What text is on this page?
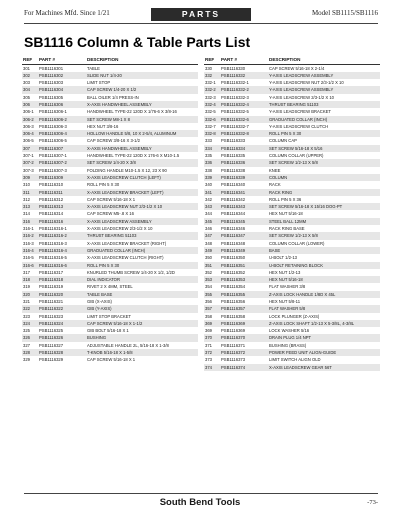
For Machines Mfd. Since 1/21	PARTS	Model SB1115/SB1116
SB1116 Column & Table Parts List
REF	PART #	DESCRIPTION
301	PSB1116301	TABLE
302	PSB1116302	SLIDE NUT 1/4-20
303	PSB1116303	LIMIT STOP
304	PSB1116304	CAP SCREW 1/4-20 X 1/2
305	PSB1116305	BALL OILER 1/4 PRESS-IN
306	PSB1116306	X-AXIS HANDWHEEL ASSEMBLY
306-1	PSB1116306-1	HANDWHEEL TYPE-22 120D X 1/76-6 X 3/8-16
306-2	PSB1116306-2	SET SCREW M8-1 X 8
306-3	PSB1116306-3	HEX NUT 3/8-16
306-4	PSB1116306-4	HOLLOW HANDLE 5/8, 10 X 2-5/4, ALUMINUM
306-5	PSB1116306-5	CAP SCREW 3/8-16 X 3-1/2
307	PSB1116307	X-AXIS HANDWHEEL ASSEMBLY
307-1	PSB1116307-1	HANDWHEEL TYPE-22 120D X 176-6 X M10-1.5
307-2	PSB1116307-2	SET SCREW 1/4-20 X 3/8
307-3	PSB1116307-3	FOLDING HANDLE M10-1.5 X 12, 23 X 90
309	PSB1116309	X-AXIS LEADSCREW CLUTCH (LEFT)
310	PSB1116310	ROLL PIN 5 X 30
311	PSB1116311	X-AXIS LEADSCREW BRACKET (LEFT)
312	PSB1116312	CAP SCREW 5/16-18 X 1
313	PSB1116313	X-AXIS LEADSCREW NUT 2/3-1/2 X 10
314	PSB1116314	CAP SCREW M5-.8 X 16
316	PSB1116316	X-AXIS LEADSCREW ASSEMBLY
316-1	PSB1116316-1	X-AXIS LEADSCREW 2/3-1/2 X 10
316-2	PSB1116316-2	THRUST BEARING 51103
316-3	PSB1116316-3	X-AXIS LEADSCREW BRACKET (RIGHT)
316-4	PSB1116316-4	GRADUATED COLLAR (INCH)
316-5	PSB1116316-5	X-AXIS LEADSCREW CLUTCH (RIGHT)
316-6	PSB1116316-6	ROLL PIN 5 X 30
317	PSB1116317	KNURLED THUMB SCREW 1/4-20 X 1/2, 1/2D
318	PSB1116318	DIAL INDICATOR
319	PSB1116319	RIVET 2 X 4MM, STEEL
320	PSB1116320	TABLE BASE
321	PSB1116321	GIB (X-AXIS)
322	PSB1116322	GIB (Y-AXIS)
323	PSB1116323	LIMIT STOP BRACKET
324	PSB1116324	CAP SCREW 5/16-18 X 1-1/2
325	PSB1116325	GIB BOLT 5/16-18 X 1
326	PSB1116326	BUSHING
327	PSB1116327	ADJUSTABLE HANDLE 2L, 5/16-18 X 1-3/8
328	PSB1116328	T-KNOB 5/16-18 X 1-5/8
329	PSB1116329	CAP SCREW 5/16-18 X 1
REF	PART #	DESCRIPTION
330	PSB1116330	CAP SCREW 5/16-18 X 2-1/4
332	PSB1116332	Y-AXIS LEADSCREW ASSEMBLY
332-1	PSB1116332-1	Y-AXIS LEADSCREW NUT 2/3-1/2 X 10
332-2	PSB1116332-2	Y-AXIS LEADSCREW ASSEMBLY
332-3	PSB1116332-3	Y-AXIS LEADSCREW 2/3-1/2 X 10
332-4	PSB1116332-4	THRUST BEARING 51103
332-5	PSB1116332-5	Y-AXIS LEADSCREW BRACKET
332-6	PSB1116332-6	GRADUATED COLLAR (INCH)
332-7	PSB1116332-7	Y-AXIS LEADSCREW CLUTCH
332-8	PSB1116332-8	ROLL PIN 5 X 30
333	PSB1116333	COLUMN CAP
334	PSB1116334	SET SCREW 5/16-18 X 5/16
335	PSB1116335	COLUMN COLLAR (UPPER)
336	PSB1116336	SET SCREW 1/2-13 X 5/8
338	PSB1116338	KNEE
339	PSB1116339	COLUMN
340	PSB1116340	RACK
341	PSB1116341	RACK RING
342	PSB1116342	ROLL PIN 5 X 36
343	PSB1116343	SET SCREW 5/16-18 X 15/16 DOG-PT
344	PSB1116344	HEX NUT 5/16-18
345	PSB1116345	STEEL BALL 12MM
346	PSB1116346	RACK RING BASE
347	PSB1116347	SET SCREW 1/2-13 X 5/8
348	PSB1116348	COLUMN COLLAR (LOWER)
349	PSB1116349	BASE
350	PSB1116350	U-BOLT 1/2-13
351	PSB1116351	U-BOLT RETAINING BLOCK
352	PSB1116352	HEX NUT 1/2-13
353	PSB1116353	HEX NUT 5/16-18
354	PSB1116354	FLAT WASHER 3/8
355	PSB1116355	Z-AXIS LOCK HANDLE 1/8D X 45L
356	PSB1116356	HEX NUT 5/8-11
357	PSB1116357	FLAT WASHER 5/8
358	PSB1116358	LOCK PLUNGER (Z-AXIS)
369	PSB1116369	Z-AXIS LOCK SHAFT 1/2-13 X 5-3/8L, 4-3/8L
369	PSB1116369	LOCK WASHER 5/16
370	PSB1116370	DRAIN PLUG 1/4 NPT
371	PSB1116371	BUSHING (BRASS)
372	PSB1116372	POWER FEED UNIT ALIGN-GUIDE
373	PSB1116373	LIMIT SWITCH ALIGN OLD
374	PSB1116374	X-AXIS LEADSCREW GEAR 56T
South Bend Tools	-73-
